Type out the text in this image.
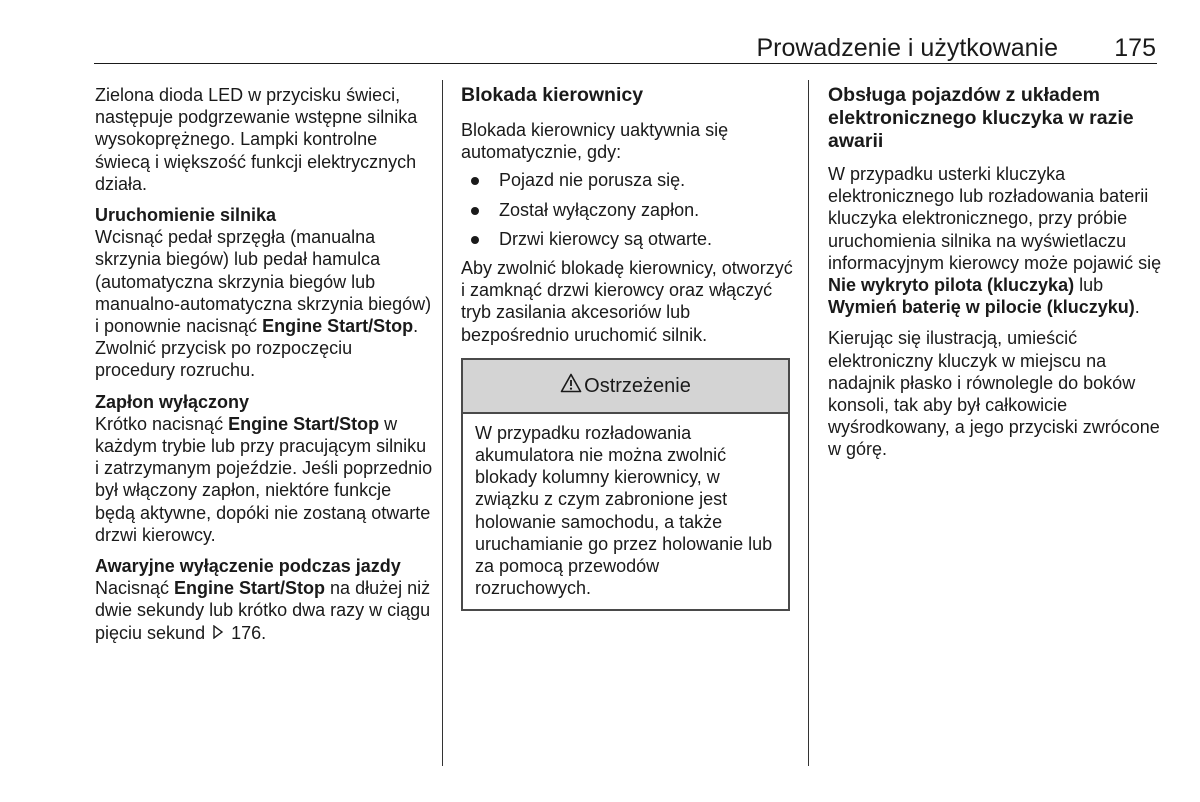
Prowadzenie i użytkowanie	175

Zielona dioda LED w przycisku świeci, następuje podgrzewanie wstępne silnika wysokoprężnego. Lampki kontrolne świecą i większość funkcji elektrycznych działa.

Uruchomienie silnika

Wcisnąć pedał sprzęgła (manualna skrzynia biegów) lub pedał hamulca (automatyczna skrzynia biegów lub manualno-automatyczna skrzynia biegów) i ponownie nacisnąć Engine Start/Stop. Zwolnić przycisk po rozpoczęciu procedury rozruchu.

Zapłon wyłączony

Krótko nacisnąć Engine Start/Stop w każdym trybie lub przy pracującym silniku i zatrzymanym pojeździe. Jeśli poprzednio był włączony zapłon, niektóre funkcje będą aktywne, dopóki nie zostaną otwarte drzwi kierowcy.

Awaryjne wyłączenie podczas jazdy

Nacisnąć Engine Start/Stop na dłużej niż dwie sekundy lub krótko dwa razy w ciągu pięciu sekund  176.

Blokada kierownicy

Blokada kierownicy uaktywnia się automatycznie, gdy:

Pojazd nie porusza się.
Został wyłączony zapłon.
Drzwi kierowcy są otwarte.

Aby zwolnić blokadę kierownicy, otworzyć i zamknąć drzwi kierowcy oraz włączyć tryb zasilania akcesoriów lub bezpośrednio uruchomić silnik.

Ostrzeżenie
W przypadku rozładowania akumulatora nie można zwolnić blokady kolumny kierownicy, w związku z czym zabronione jest holowanie samochodu, a także uruchamianie go przez holowanie lub za pomocą przewodów rozruchowych.

Obsługa pojazdów z układem elektronicznego kluczyka w razie awarii

W przypadku usterki kluczyka elektronicznego lub rozładowania baterii kluczyka elektronicznego, przy próbie uruchomienia silnika na wyświetlaczu informacyjnym kierowcy może pojawić się Nie wykryto pilota (kluczyka) lub Wymień baterię w pilocie (kluczyku).

Kierując się ilustracją, umieścić elektroniczny kluczyk w miejscu na nadajnik płasko i równolegle do boków konsoli, tak aby był całkowicie wyśrodkowany, a jego przyciski zwrócone w górę.
